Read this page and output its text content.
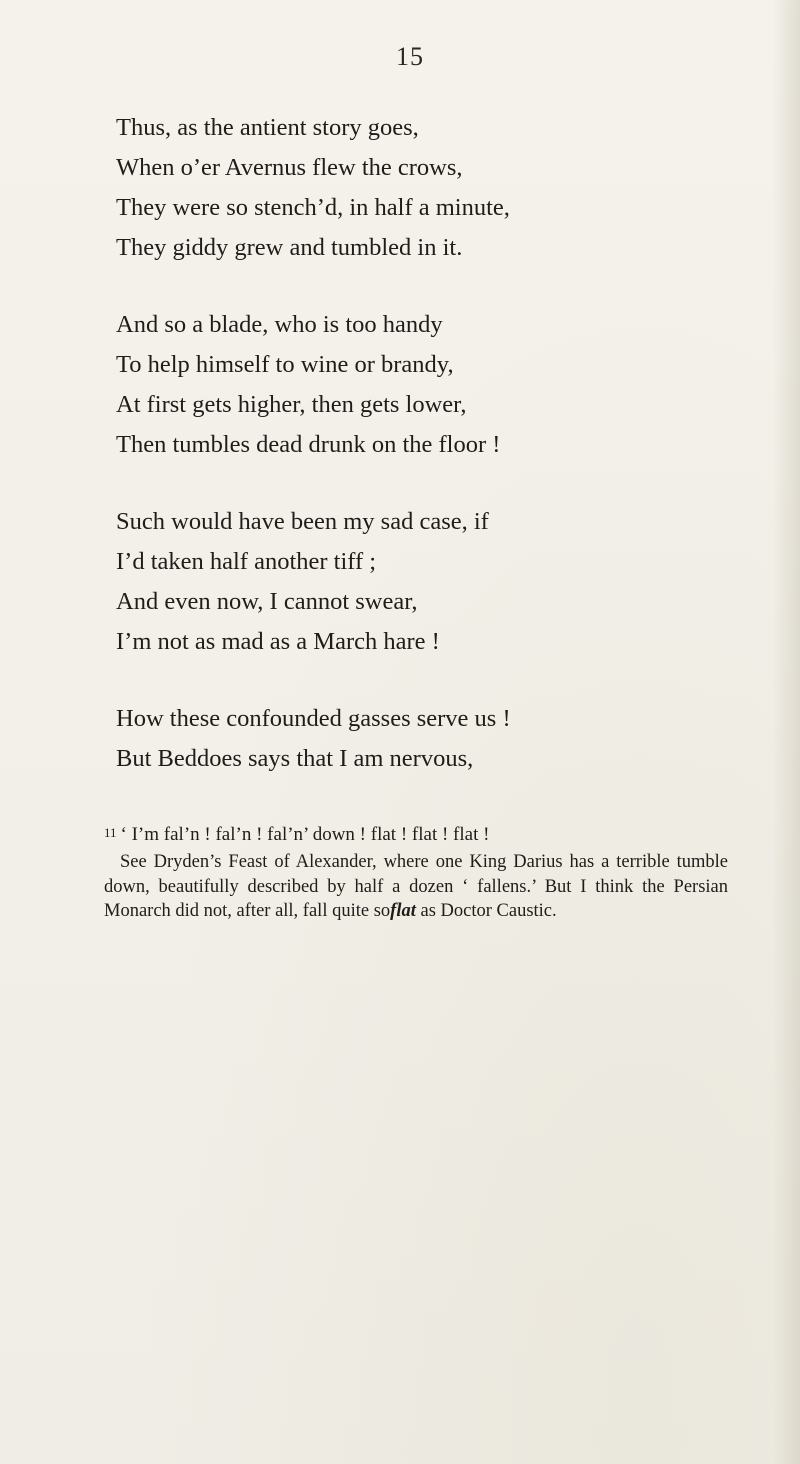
15
Thus, as the antient story goes,
When o’er Avernus flew the crows,
They were so stench’d, in half a minute,
They giddy grew and tumbled in it.
And so a blade, who is too handy
To help himself to wine or brandy,
At first gets higher, then gets lower,
Then tumbles dead drunk on the floor !
Such would have been my sad case, if
I’d taken half another tiff ;
And even now, I cannot swear,
I’m not as mad as a March hare !
How these confounded gasses serve us !
But Beddoes says that I am nervous,
11 ‘ I’m fal’n ! fal’n ! fal’n’ down ! flat ! flat ! flat !
See Dryden’s Feast of Alexander, where one King Darius has a terrible tumble down, beautifully described by half a dozen ‘ fallens.’ But I think the Persian Monarch did not, after all, fall quite soflat as Doctor Caustic.
